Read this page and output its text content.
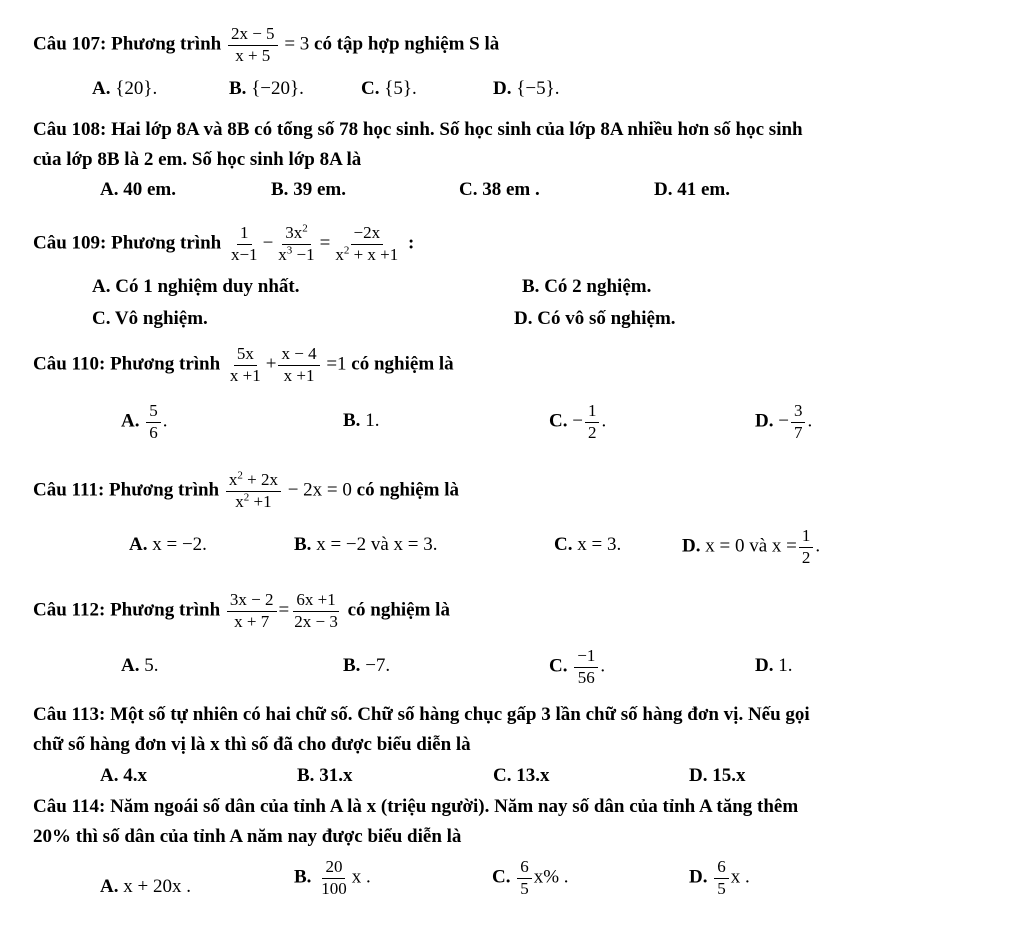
Câu 107: Phương trình $\frac{2x - 5}{x + 5} = 3$ có tập hợp nghiệm S là
A. {20}.	B. {−20}.	C. {5}.	D. {−5}.
Câu 108: Hai lớp 8A và 8B có tổng số 78 học sinh. Số học sinh của lớp 8A nhiều hơn số học sinh
của lớp 8B là 2 em. Số học sinh lớp 8A là
A. 40 em.	B. 39 em.	C. 38 em .	D. 41 em.
Câu 109: Phương trình $\frac{1}{x-1} - \frac{3x^2}{x^3 -1} = \frac{-2x}{x^2 + x +1}$ :
A. Có 1 nghiệm duy nhất.	B. Có 2 nghiệm.
C. Vô nghiệm.	D. Có vô số nghiệm.
Câu 110: Phương trình $\frac{5x}{x +1} + \frac{x - 4}{x +1} =1$ có nghiệm là
A. $\frac{5}{6}$ .	B. 1.	C. − $\frac{1}{2}$ .	D. − $\frac{3}{7}$ .
Câu 111: Phương trình $\frac{x^2 + 2x}{x^2 +1} - 2x = 0$ có nghiệm là
A. x = −2.	B. x = −2 và x = 3.	C. x = 3.	D. x = 0 và $x = \frac{1}{2}$ .
Câu 112: Phương trình $\frac{3x - 2}{x + 7} = \frac{6x +1}{2x - 3}$ có nghiệm là
A. 5.	B. −7.	C. $\frac{-1}{56}$ .	D. 1.
Câu 113: Một số tự nhiên có hai chữ số. Chữ số hàng chục gấp 3 lần chữ số hàng đơn vị. Nếu gọi
chữ số hàng đơn vị là x thì số đã cho được biểu diễn là
A. 4.x	B. 31.x	C. 13.x	D. 15.x
Câu 114: Năm ngoái số dân của tỉnh A là x (triệu người). Năm nay số dân của tỉnh A tăng thêm
20% thì số dân của tỉnh A năm nay được biểu diễn là
A. x + 20x .	B. $\frac{20}{100}$ x .	C. $\frac{6}{5} x\%$ .	D. $\frac{6}{5}$ x .
